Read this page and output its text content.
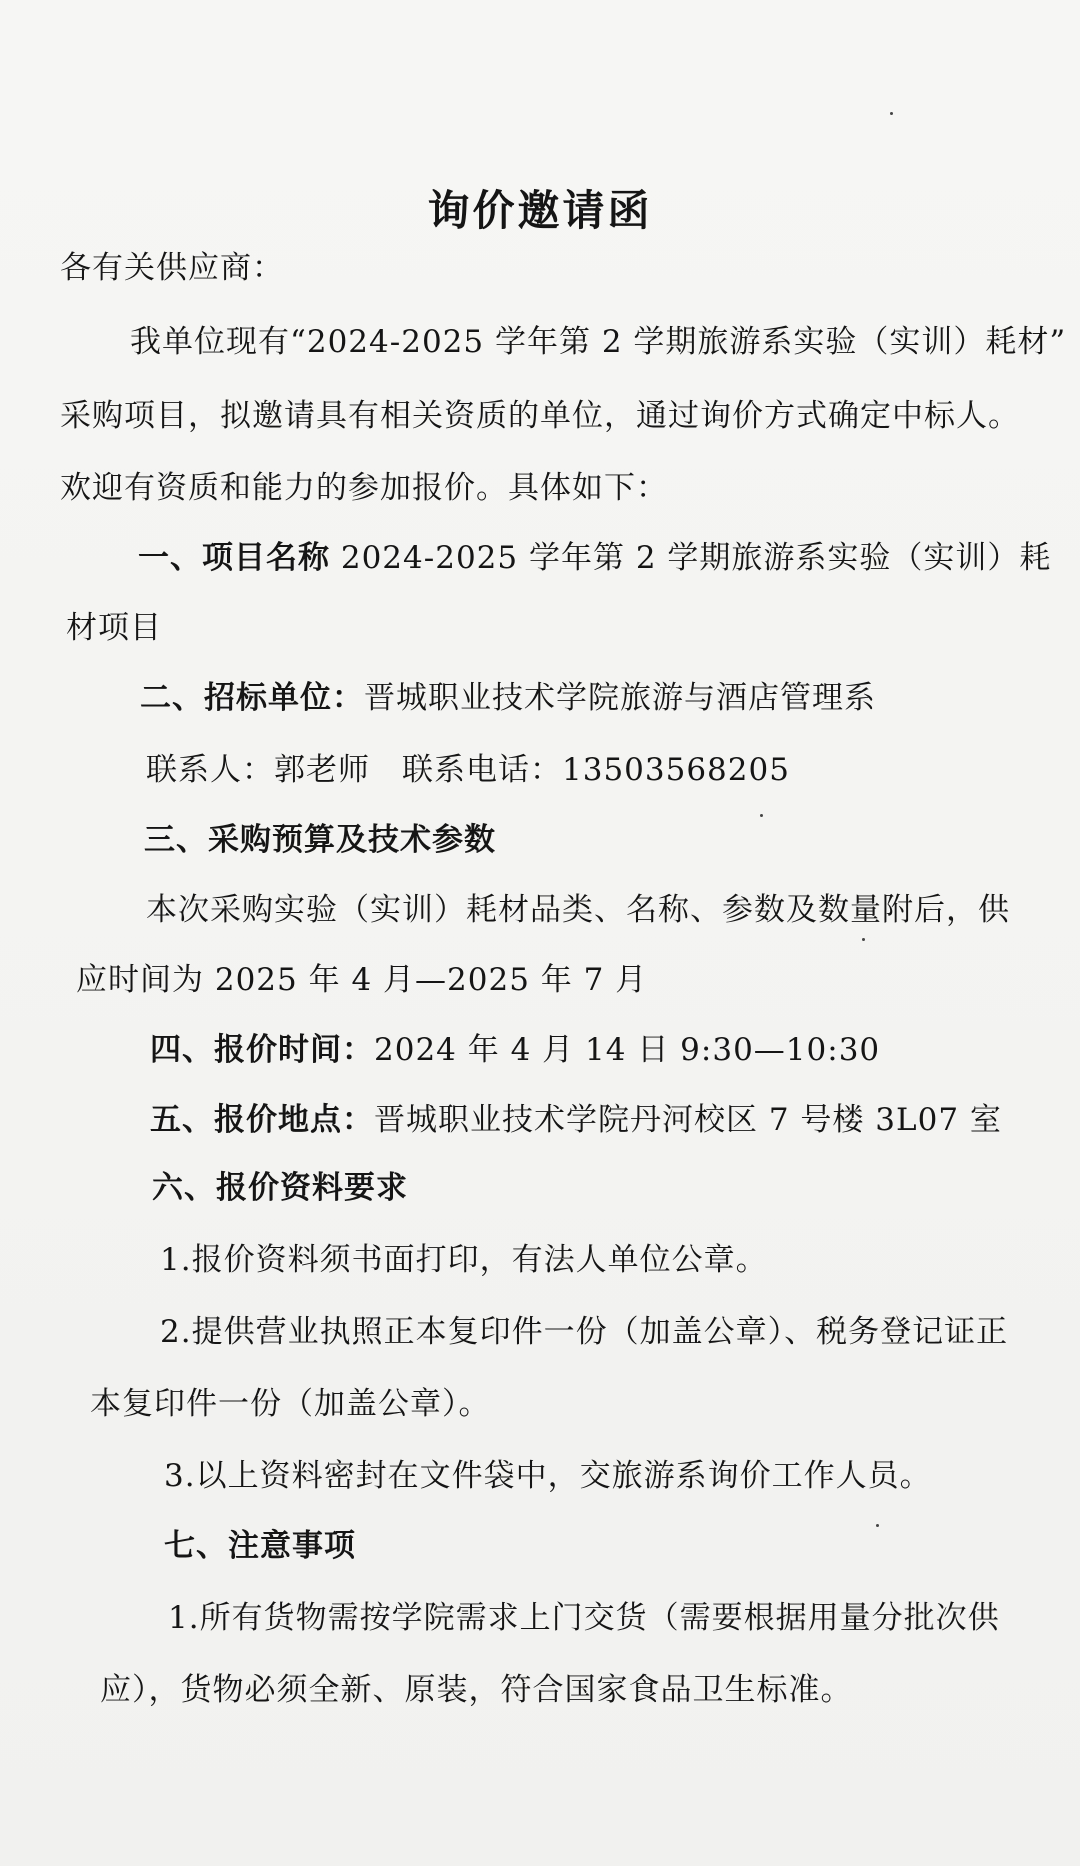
询价邀请函
各有关供应商：
我单位现有“2024-2025 学年第 2 学期旅游系实验（实训）耗材”
采购项目，拟邀请具有相关资质的单位，通过询价方式确定中标人。
欢迎有资质和能力的参加报价。具体如下：
一、项目名称 2024-2025 学年第 2 学期旅游系实验（实训）耗
材项目
二、招标单位：晋城职业技术学院旅游与酒店管理系
联系人：郭老师　联系电话：13503568205
三、采购预算及技术参数
本次采购实验（实训）耗材品类、名称、参数及数量附后，供
应时间为 2025 年 4 月—2025 年 7 月
四、报价时间：2024 年 4 月 14 日 9:30—10:30
五、报价地点：晋城职业技术学院丹河校区 7 号楼 3L07 室
六、报价资料要求
1.报价资料须书面打印，有法人单位公章。
2.提供营业执照正本复印件一份（加盖公章）、税务登记证正
本复印件一份（加盖公章）。
3.以上资料密封在文件袋中，交旅游系询价工作人员。
七、注意事项
1.所有货物需按学院需求上门交货（需要根据用量分批次供
应），货物必须全新、原装，符合国家食品卫生标准。
